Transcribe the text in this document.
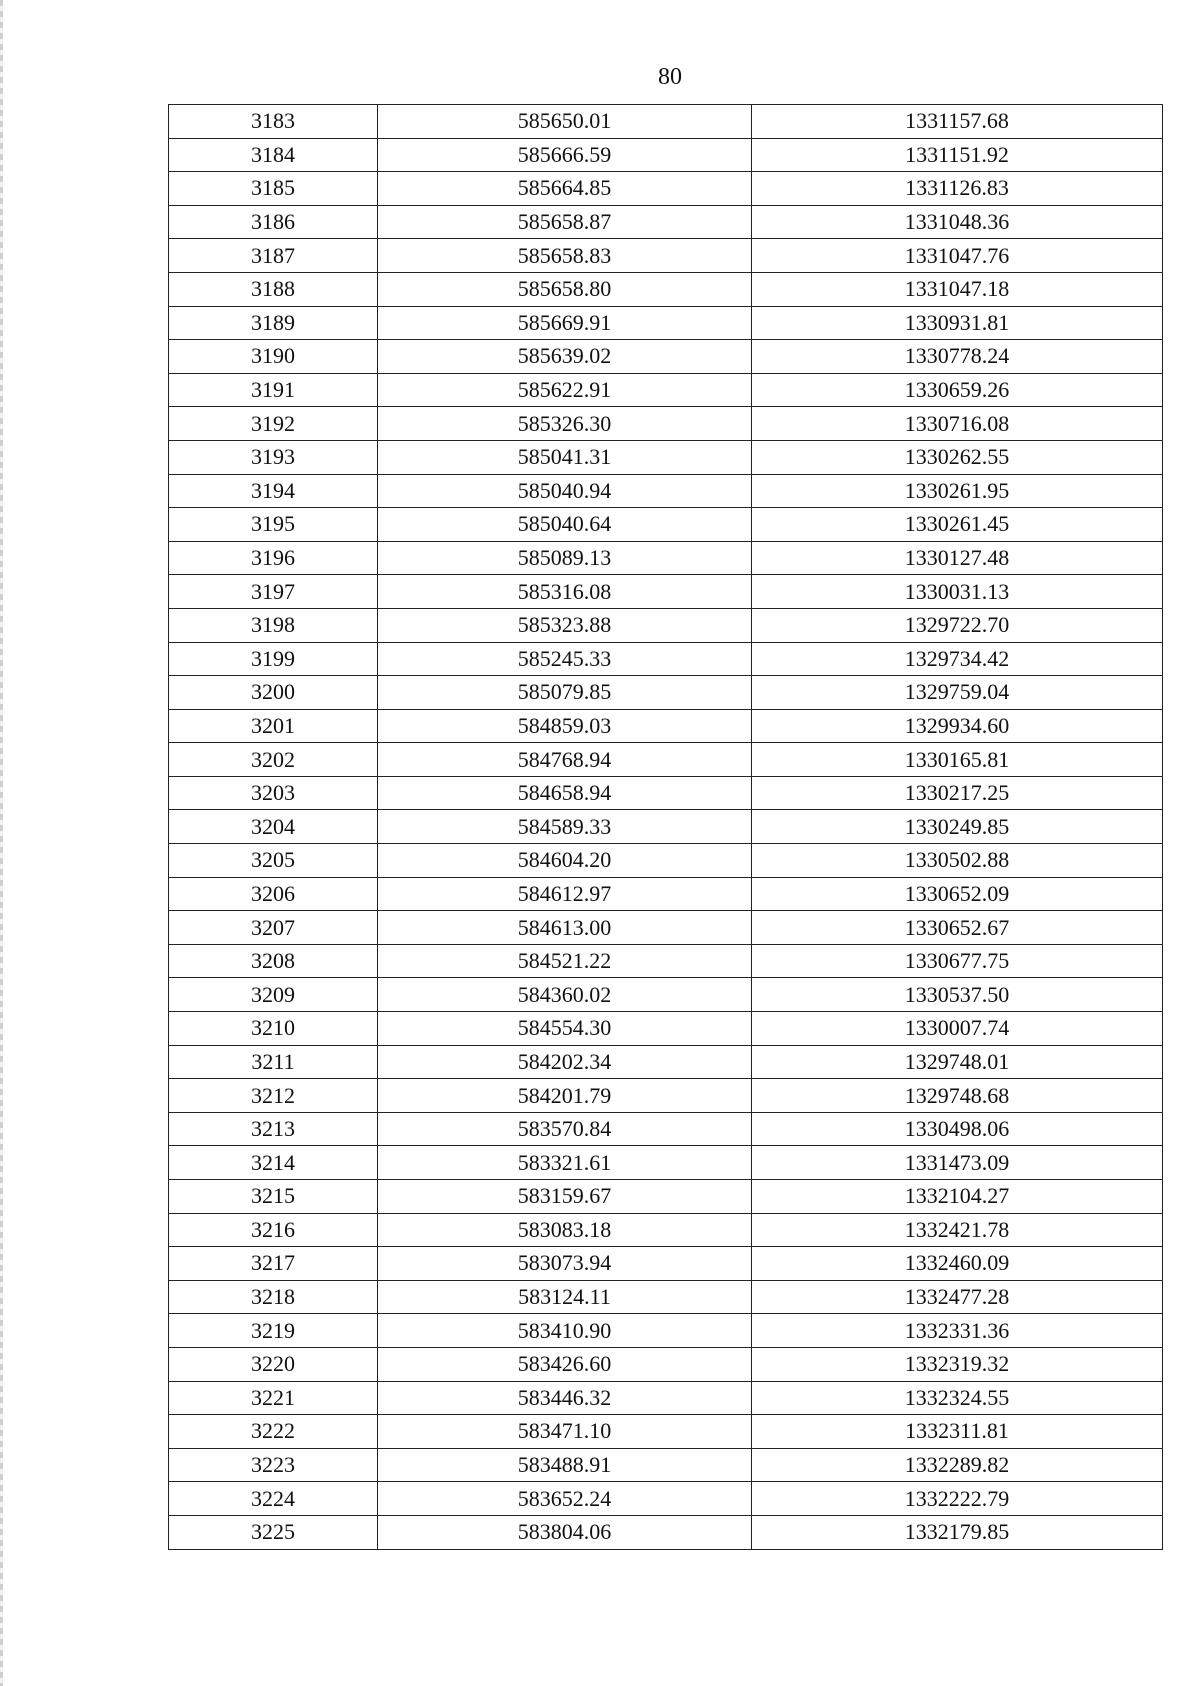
80
3183	585650.01	1331157.68
3184	585666.59	1331151.92
3185	585664.85	1331126.83
3186	585658.87	1331048.36
3187	585658.83	1331047.76
3188	585658.80	1331047.18
3189	585669.91	1330931.81
3190	585639.02	1330778.24
3191	585622.91	1330659.26
3192	585326.30	1330716.08
3193	585041.31	1330262.55
3194	585040.94	1330261.95
3195	585040.64	1330261.45
3196	585089.13	1330127.48
3197	585316.08	1330031.13
3198	585323.88	1329722.70
3199	585245.33	1329734.42
3200	585079.85	1329759.04
3201	584859.03	1329934.60
3202	584768.94	1330165.81
3203	584658.94	1330217.25
3204	584589.33	1330249.85
3205	584604.20	1330502.88
3206	584612.97	1330652.09
3207	584613.00	1330652.67
3208	584521.22	1330677.75
3209	584360.02	1330537.50
3210	584554.30	1330007.74
3211	584202.34	1329748.01
3212	584201.79	1329748.68
3213	583570.84	1330498.06
3214	583321.61	1331473.09
3215	583159.67	1332104.27
3216	583083.18	1332421.78
3217	583073.94	1332460.09
3218	583124.11	1332477.28
3219	583410.90	1332331.36
3220	583426.60	1332319.32
3221	583446.32	1332324.55
3222	583471.10	1332311.81
3223	583488.91	1332289.82
3224	583652.24	1332222.79
3225	583804.06	1332179.85
